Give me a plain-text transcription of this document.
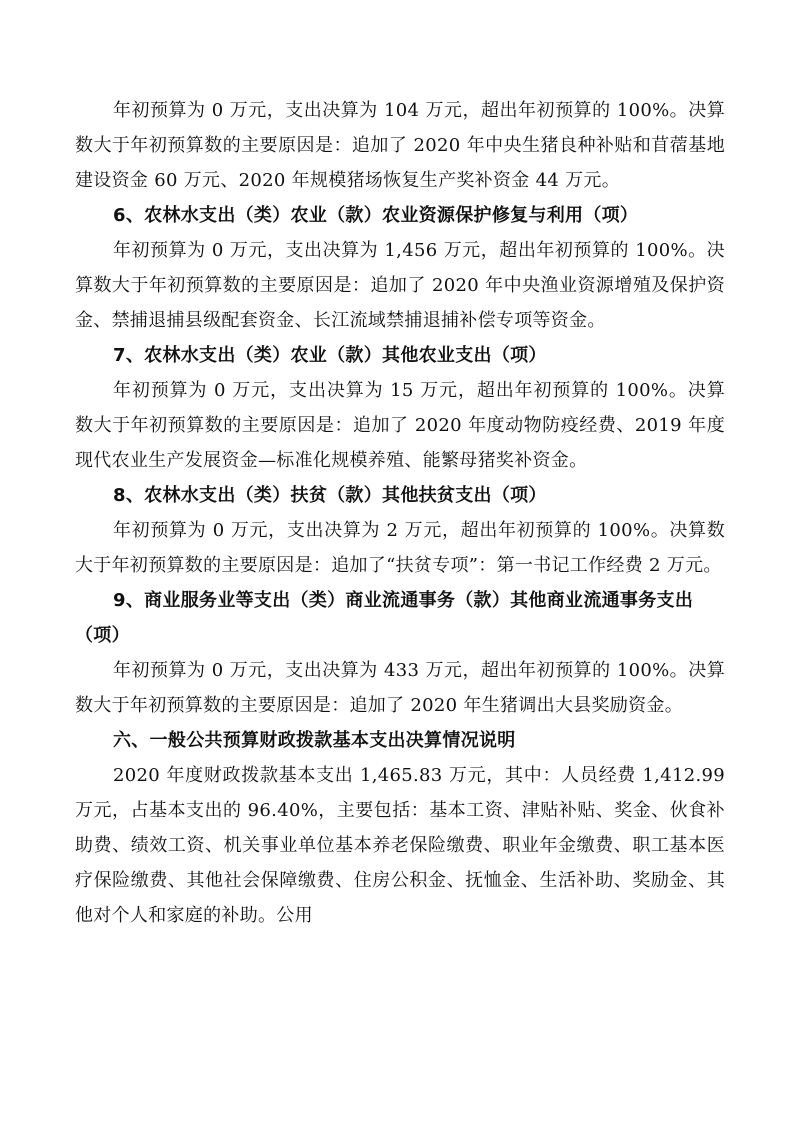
年初预算为 0 万元，支出决算为 104 万元，超出年初预算的 100%。决算数大于年初预算数的主要原因是：追加了 2020 年中央生猪良种补贴和苜蓿基地建设资金 60 万元、2020 年规模猪场恢复生产奖补资金 44 万元。

6、农林水支出（类）农业（款）农业资源保护修复与利用（项）

年初预算为 0 万元，支出决算为 1,456 万元，超出年初预算的 100%。决算数大于年初预算数的主要原因是：追加了 2020 年中央渔业资源增殖及保护资金、禁捕退捕县级配套资金、长江流域禁捕退捕补偿专项等资金。

7、农林水支出（类）农业（款）其他农业支出（项）

年初预算为 0 万元，支出决算为 15 万元，超出年初预算的 100%。决算数大于年初预算数的主要原因是：追加了 2020 年度动物防疫经费、2019 年度现代农业生产发展资金—标准化规模养殖、能繁母猪奖补资金。

8、农林水支出（类）扶贫（款）其他扶贫支出（项）

年初预算为 0 万元，支出决算为 2 万元，超出年初预算的 100%。决算数大于年初预算数的主要原因是：追加了“扶贫专项”：第一书记工作经费 2 万元。

9、商业服务业等支出（类）商业流通事务（款）其他商业流通事务支出（项）

年初预算为 0 万元，支出决算为 433 万元，超出年初预算的 100%。决算数大于年初预算数的主要原因是：追加了 2020 年生猪调出大县奖励资金。

六、一般公共预算财政拨款基本支出决算情况说明

2020 年度财政拨款基本支出 1,465.83 万元，其中：人员经费 1,412.99 万元，占基本支出的 96.40%，主要包括：基本工资、津贴补贴、奖金、伙食补助费、绩效工资、机关事业单位基本养老保险缴费、职业年金缴费、职工基本医疗保险缴费、其他社会保障缴费、住房公积金、抚恤金、生活补助、奖励金、其他对个人和家庭的补助。公用
